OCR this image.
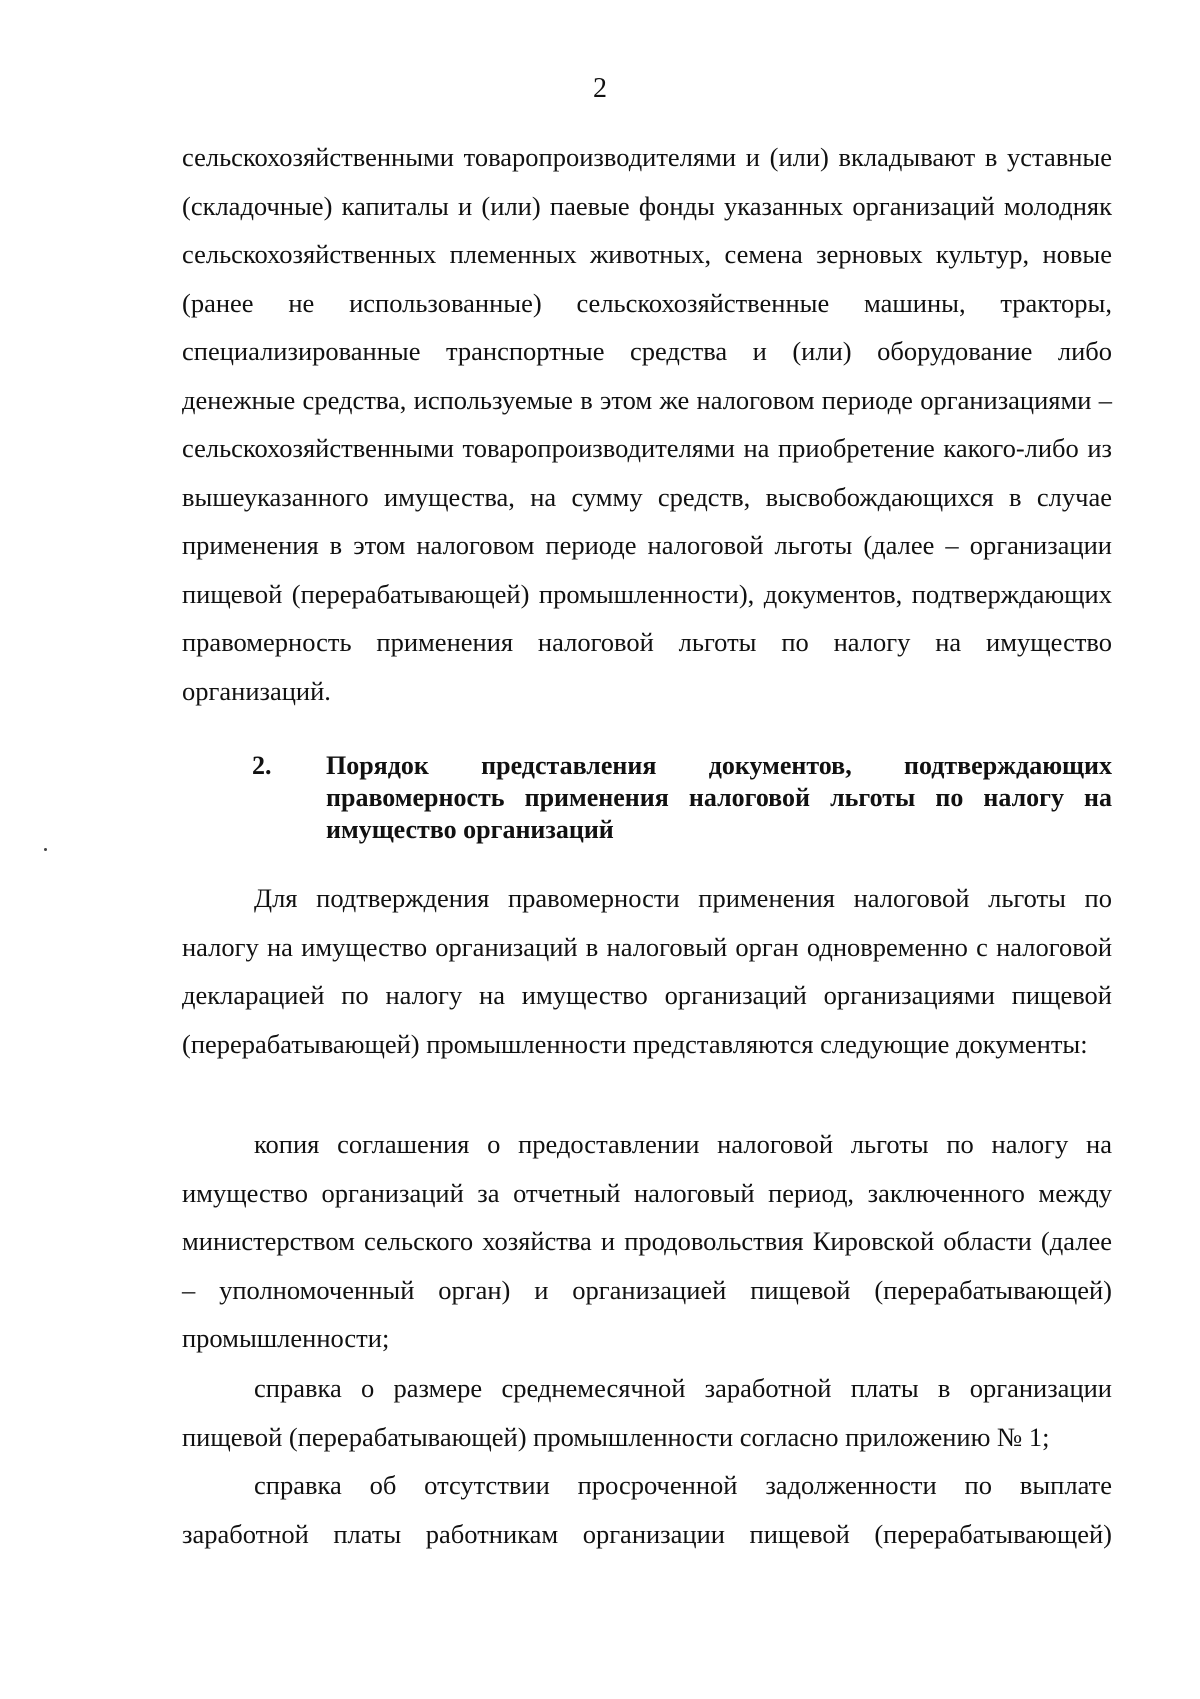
2

сельскохозяйственными товаропроизводителями и (или) вкладывают в уставные (складочные) капиталы и (или) паевые фонды указанных организаций молодняк сельскохозяйственных племенных животных, семена зерновых культур, новые (ранее не использованные) сельскохозяйственные машины, тракторы, специализированные транспортные средства и (или) оборудование либо денежные средства, используемые в этом же налоговом периоде организациями – сельскохозяйственными товаропроизводителями на приобретение какого-либо из вышеуказанного имущества, на сумму средств, высвобождающихся в случае применения в этом налоговом периоде налоговой льготы (далее – организации пищевой (перерабатывающей) промышленности), документов, подтверждающих правомерность применения налоговой льготы по налогу на имущество организаций.

2. Порядок представления документов, подтверждающих правомерность применения налоговой льготы по налогу на имущество организаций

Для подтверждения правомерности применения налоговой льготы по налогу на имущество организаций в налоговый орган одновременно с налоговой декларацией по налогу на имущество организаций организациями пищевой (перерабатывающей) промышленности представляются следующие документы:

копия соглашения о предоставлении налоговой льготы по налогу на имущество организаций за отчетный налоговый период, заключенного между министерством сельского хозяйства и продовольствия Кировской области (далее – уполномоченный орган) и организацией пищевой (перерабатывающей) промышленности;

справка о размере среднемесячной заработной платы в организации пищевой (перерабатывающей) промышленности согласно приложению № 1;

справка об отсутствии просроченной задолженности по выплате заработной платы работникам организации пищевой (перерабатывающей)
